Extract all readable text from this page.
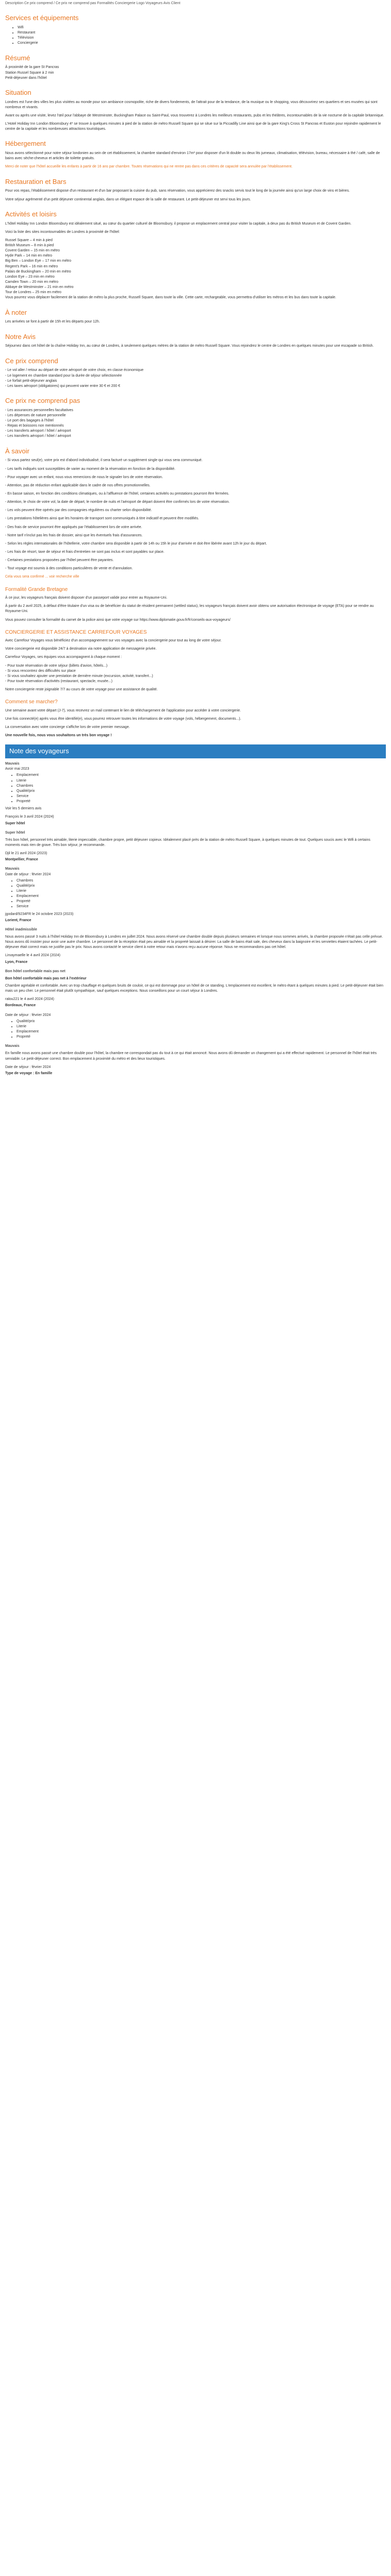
Description Ce prix comprend / Ce prix ne comprend pas Formalités Conciergerie Logo Voyageurs Avis Client

Services et équipements
• Wifi
• Restaurant
• Télévision
• Conciergerie
Résumé
À proximité de la gare St Pancras
Station Russel Square à 2 min
Petit-déjeuner dans l'hôtel
Situation

Londres est l'une des villes les plus visitées au monde pour son ambiance cosmopolite, riche de divers fondements, de l'attrait pour de la tendance, de la musique ou le shopping, vous découvrirez ses quartiers et ses musées qui sont nombreux et vivants.

Avant ou après une visite, levez l'œil pour l'abbaye de Westminster, Buckingham Palace ou Saint-Paul, vous trouverez à Londres les meilleurs restaurants, pubs et les théâtres, incontournables de la vie nocturne de la capitale britannique.

L'Hotel Holiday Inn London Bloomsbury 4* se trouve à quelques minutes à pied de la station de métro Russell Square qui se situe sur la Piccadilly Line ainsi que de la gare King's Cross St Pancras et Euston pour rejoindre rapidement le centre de la capitale et les nombreuses attractions touristiques.

Hébergement

Nous avons sélectionné pour notre séjour londonien au sein de cet établissement, la chambre standard d'environ 17m² pour disposer d'un lit double ou deux lits jumeaux, climatisation, télévision, bureau, nécessaire à thé / café, salle de bains avec sèche-cheveux et articles de toilette gratuits.

Merci de noter que l'hôtel accueille les enfants à partir de 16 ans par chambre. Toutes réservations qui ne rentre pas dans ces critères de capacité sera annulée par l'établissement.

Restauration et Bars

Pour vos repas, l'établissement dispose d'un restaurant et d'un bar proposant la cuisine du pub, sans réservation, vous apprécierez des snacks servis tout le long de la journée ainsi qu'un large choix de vins et bières.

Votre séjour agrémenté d'un petit déjeuner continental anglais, dans un élégant espace de la salle de restaurant. Le petit-déjeuner est servi tous les jours.

Activités et loisirs

L'hôtel Holiday Inn London Bloomsbury est idéalement situé, au cœur du quartier culturel de Bloomsbury, il propose un emplacement central pour visiter la capitale, à deux pas du British Museum et de Covent Garden.

Voici la liste des sites incontournables de Londres à proximité de l'hôtel:

Russel Square – 4 min à pied
British Museum – 8 min à pied
Covent Garden – 15 min en métro
Hyde Park – 14 min en métro
Big Ben – London Eye – 17 min en métro
Regent's Park – 16 min en métro
Palais de Buckingham – 20 min en métro
London Eye – 23 min en métro
Camden Town – 20 min en métro
Abbaye de Westminster – 21 min en métro
Tour de Londres – 25 min en métro

Vous pourrez vous déplacer facilement de la station de métro la plus proche, Russell Square, dans toute la ville. Cette carte, rechargeable, vous permettra d'utiliser les métros et les bus dans toute la capitale.

À noter

Les arrivées se font à partir de 15h et les départs pour 12h.

Notre Avis

Séjournez dans cet hôtel de la chaîne Holiday Inn, au cœur de Londres, à seulement quelques mètres de la station de métro Russell Square. Vous rejoindrez le centre de Londres en quelques minutes pour une escapade so British.

Ce prix comprend
- Le vol aller / retour au départ de votre aéroport de votre choix, en classe économique
- Le logement en chambre standard pour la durée de séjour sélectionnée
- Le forfait petit-déjeuner anglais
- Les taxes aéroport (obligatoires) qui peuvent varier entre 30 € et 200 €
Ce prix ne comprend pas
- Les assurances personnelles facultatives
- Les dépenses de nature personnelle
- Le port des bagages à l'hôtel
- Repas et boissons non mentionnés
- Les transferts aéroport / hôtel / aéroport
- Les transferts aéroport / hôtel / aéroport
À savoir

- Si vous partez seul(e), votre prix est d'abord individualisé, il sera facturé un supplément single qui vous sera communiqué.

- Les tarifs indiqués sont susceptibles de varier au moment de la réservation en fonction de la disponibilité.

- Pour voyager avec un enfant, nous vous remercions de nous le signaler lors de votre réservation.

- Attention, pas de réduction enfant applicable dans le cadre de nos offres promotionnelles.

- En basse saison, en fonction des conditions climatiques, ou à l'affluence de l'hôtel, certaines activités ou prestations pourront être fermées.

- Attention, le choix de votre vol, la date de départ, le nombre de nuits et l'aéroport de départ doivent être confirmés lors de votre réservation.

- Les vols peuvent être opérés par des compagnies régulières ou charter selon disponibilité.

- Les prestations hôtelières ainsi que les horaires de transport sont communiqués à titre indicatif et peuvent être modifiés.

- Des frais de service pourront être appliqués par l'établissement lors de votre arrivée.

- Notre tarif n'inclut pas les frais de dossier, ainsi que les éventuels frais d'assurances.

- Selon les règles internationales de l'hôtellerie, votre chambre sera disponible à partir de 14h ou 15h le jour d'arrivée et doit être libérée avant 12h le jour du départ.

- Les frais de résort, taxe de séjour et frais d'entretien ne sont pas inclus et sont payables sur place.

- Certaines prestations proposées par l'hôtel peuvent être payantes.

- Tout voyage est soumis à des conditions particulières de vente et d'annulation.

Cela vous sera confirmé ... voir recherche ville

Formalité Grande Bretagne

À ce jour, les voyageurs français doivent disposer d'un passeport valide pour entrer au Royaume-Uni.

À partir du 2 avril 2025, à défaut d'être titulaire d'un visa ou de bénéficier du statut de résident permanent (settled status), les voyageurs français doivent avoir obtenu une autorisation électronique de voyage (ETA) pour se rendre au Royaume-Uni.

Vous pouvez consulter la formalité du carnet de la police ainsi que votre voyage sur https://www.diplomatie.gouv.fr/fr/conseils-aux-voyageurs/

CONCIERGERIE ET ASSISTANCE CARREFOUR VOYAGES

Avec Carrefour Voyages vous bénéficiez d'un accompagnement sur vos voyages avec la conciergerie pour tout au long de votre séjour.

Votre conciergerie est disponible 24/7 à destination via notre application de messagerie privée.

Carrefour Voyages, ses équipes vous accompagnent à chaque moment :

- Pour toute réservation de votre séjour (billets d'avion, hôtels...)
- Si vous rencontrez des difficultés sur place
- Si vous souhaitez ajouter une prestation de dernière minute (excursion, activité, transfert...)
- Pour toute réservation d'activités (restaurant, spectacle, musée...)

Notre conciergerie reste joignable 7/7 au cours de votre voyage pour une assistance de qualité.

Comment se marcher?

Une semaine avant votre départ (J-7), vous recevrez un mail contenant le lien de téléchargement de l'application pour accéder à votre conciergerie.

Une fois connecté(e) après vous être identifié(e), vous pourrez retrouver toutes les informations de votre voyage (vols, hébergement, documents...).

La conversation avec votre concierge s'affiche lors de votre premier message.

Une nouvelle fois, nous vous souhaitons un très bon voyage !

Note des voyageurs

Mauvais

Avoir mai 2023

• Emplacement
• Literie
• Chambres
• Qualité/prix
• Service
• Propreté

Voir les 5 derniers avis

François le 3 avril 2024 (2024)

Super hôtel

Super hôtel

Très bon hôtel, personnel très aimable, literie impeccable, chambre propre, petit déjeuner copieux. Idéalement placé près de la station de métro Russell Square, à quelques minutes de tout. Quelques soucis avec le Wifi à certains moments mais rien de grave. Très bon séjour, je recommande.

Djil le 21 avril 2024 (2023)

Montpellier, France

Mauvais

Date de séjour : février 2024

• Chambres
• Qualité/prix
• Literie
• Emplacement
• Propreté
• Service

jgodard/9234FR le 24 octobre 2023 (2023)

Lorient, France

Hôtel inadmissible

Nous avons passé 3 nuits à l'hôtel Holiday Inn de Bloomsbury à Londres en juillet 2024. Nous avons réservé une chambre double depuis plusieurs semaines et lorsque nous sommes arrivés, la chambre proposée n'était pas celle prévue. Nous avons dû insister pour avoir une autre chambre. Le personnel de la réception était peu aimable et la propreté laissait à désirer. La salle de bains était sale, des cheveux dans la baignoire et les serviettes étaient tachées. Le petit-déjeuner était correct mais ne justifie pas le prix. Nous avons contacté le service client à notre retour mais n'avons reçu aucune réponse. Nous ne recommandons pas cet hôtel.

Lirvaymaelle le 4 avril 2024 (2024)

Lyon, France

Bon hôtel confortable mais pas net

Bon hôtel confortable mais pas net à l'extérieur

Chambre agréable et confortable. Avec un trop chauffage et quelques bruits de couloir, ce qui est dommage pour un hôtel de ce standing. L'emplacement est excellent, le métro étant à quelques minutes à pied. Le petit-déjeuner était bien mais un peu cher. Le personnel était plutôt sympathique, sauf quelques exceptions. Nous conseillons pour un court séjour à Londres.

ralou221 le 4 avril 2024 (2024)

Bordeaux, France

Date de séjour : février 2024

• Qualité/prix
• Literie
• Emplacement
• Propreté

Mauvais

En famille nous avons passé une chambre double pour l'hôtel, la chambre ne correspondait pas du tout à ce qui était annoncé. Nous avons dû demander un changement qui a été effectué rapidement. Le personnel de l'hôtel était très serviable. Le petit-déjeuner correct. Bon emplacement à proximité du métro et des lieux touristiques.

Date de séjour : février 2024

Type de voyage : En famille
